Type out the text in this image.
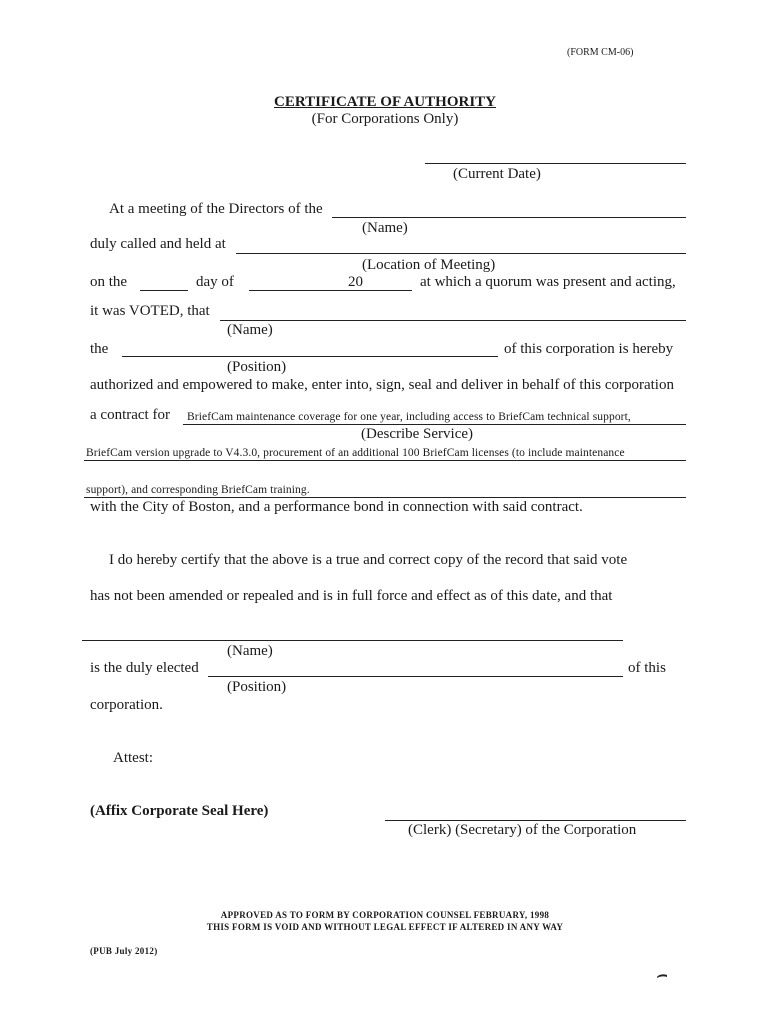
(FORM CM-06)
CERTIFICATE OF AUTHORITY
(For Corporations Only)
(Current Date)
At a meeting of the Directors of the
(Name)
duly called and held at
(Location of Meeting)
on the	day of	20	at which a quorum was present and acting,
it was VOTED, that
(Name)
the	of this corporation is hereby
(Position)
authorized and empowered to make, enter into, sign, seal and deliver in behalf of this corporation
a contract for BriefCam maintenance coverage for one year, including access to BriefCam technical support,
(Describe Service)
BriefCam version upgrade to V4.3.0, procurement of an additional 100 BriefCam licenses (to include maintenance
support), and corresponding BriefCam training.
with the City of Boston, and a performance bond in connection with said contract.
I do hereby certify that the above is a true and correct copy of the record that said vote
has not been amended or repealed and is in full force and effect as of this date, and that
(Name)
is the duly elected	of this
(Position)
corporation.
Attest:
(Affix Corporate Seal Here)
(Clerk) (Secretary) of the Corporation
APPROVED AS TO FORM BY CORPORATION COUNSEL FEBRUARY, 1998
THIS FORM IS VOID AND WITHOUT LEGAL EFFECT IF ALTERED IN ANY WAY
(PUB July 2012)
